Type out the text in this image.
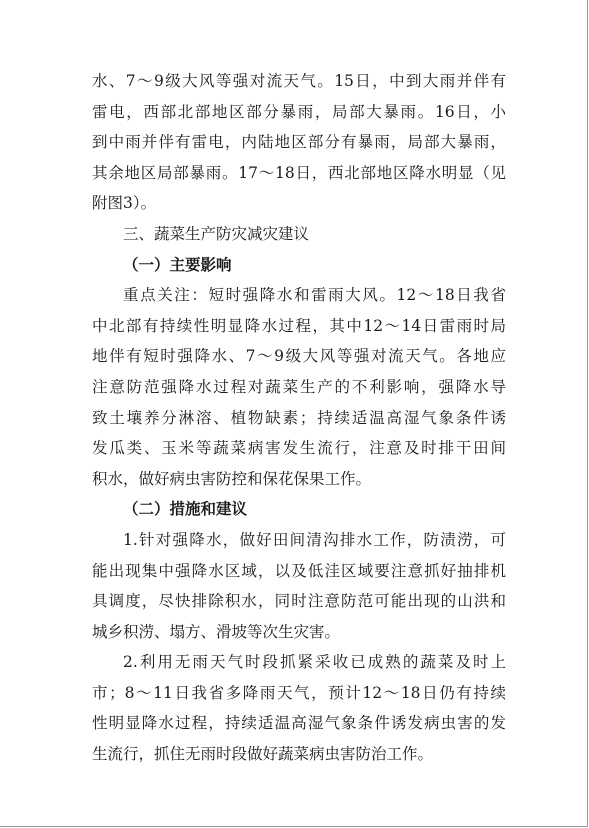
水、7～9级大风等强对流天气。15日，中到大雨并伴有
雷电，西部北部地区部分暴雨，局部大暴雨。16日，小
到中雨并伴有雷电，内陆地区部分有暴雨，局部大暴雨，
其余地区局部暴雨。17～18日，西北部地区降水明显（见
附图3）。
三、蔬菜生产防灾减灾建议
（一）主要影响
重点关注：短时强降水和雷雨大风。12～18日我省
中北部有持续性明显降水过程，其中12～14日雷雨时局
地伴有短时强降水、7～9级大风等强对流天气。各地应
注意防范强降水过程对蔬菜生产的不利影响，强降水导
致土壤养分淋溶、植物缺素；持续适温高湿气象条件诱
发瓜类、玉米等蔬菜病害发生流行，注意及时排干田间
积水，做好病虫害防控和保花保果工作。
（二）措施和建议
1.针对强降水，做好田间清沟排水工作，防渍涝，可
能出现集中强降水区域，以及低洼区域要注意抓好抽排机
具调度，尽快排除积水，同时注意防范可能出现的山洪和
城乡积涝、塌方、滑坡等次生灾害。
2.利用无雨天气时段抓紧采收已成熟的蔬菜及时上
市；8～11日我省多降雨天气，预计12～18日仍有持续
性明显降水过程，持续适温高湿气象条件诱发病虫害的发
生流行，抓住无雨时段做好蔬菜病虫害防治工作。
